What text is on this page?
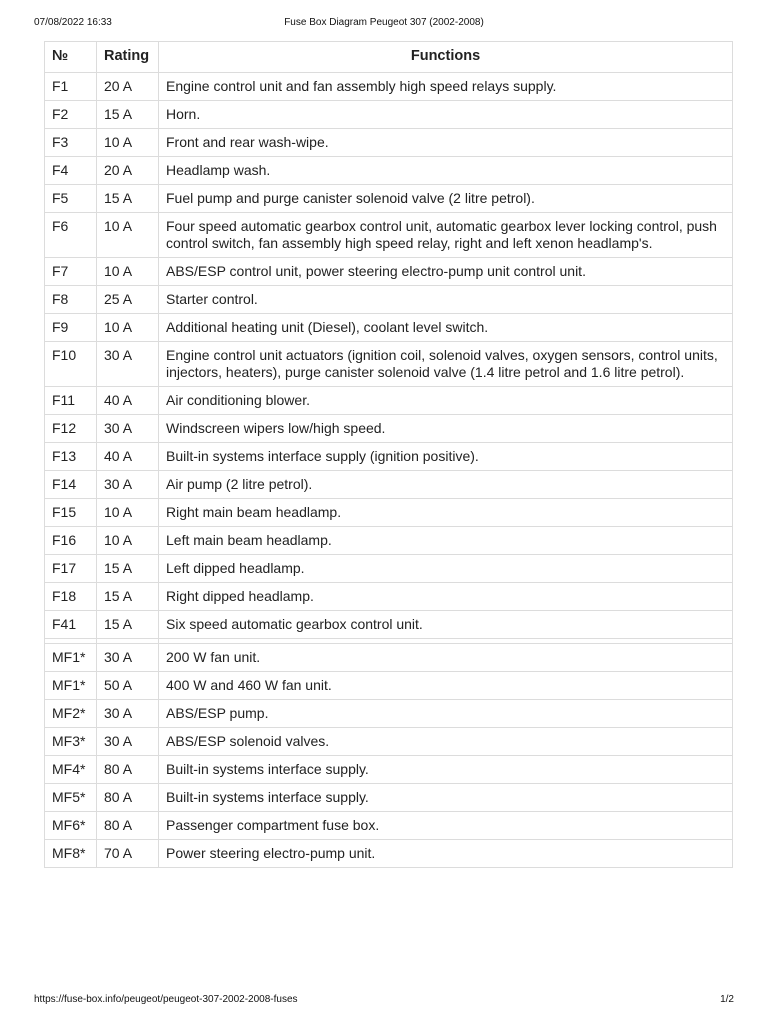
07/08/2022 16:33	Fuse Box Diagram Peugeot 307 (2002-2008)
№	Rating	Functions
F1	20 A	Engine control unit and fan assembly high speed relays supply.
F2	15 A	Horn.
F3	10 A	Front and rear wash-wipe.
F4	20 A	Headlamp wash.
F5	15 A	Fuel pump and purge canister solenoid valve (2 litre petrol).
F6	10 A	Four speed automatic gearbox control unit, automatic gearbox lever locking control, push control switch, fan assembly high speed relay, right and left xenon headlamp's.
F7	10 A	ABS/ESP control unit, power steering electro-pump unit control unit.
F8	25 A	Starter control.
F9	10 A	Additional heating unit (Diesel), coolant level switch.
F10	30 A	Engine control unit actuators (ignition coil, solenoid valves, oxygen sensors, control units, injectors, heaters), purge canister solenoid valve (1.4 litre petrol and 1.6 litre petrol).
F11	40 A	Air conditioning blower.
F12	30 A	Windscreen wipers low/high speed.
F13	40 A	Built-in systems interface supply (ignition positive).
F14	30 A	Air pump (2 litre petrol).
F15	10 A	Right main beam headlamp.
F16	10 A	Left main beam headlamp.
F17	15 A	Left dipped headlamp.
F18	15 A	Right dipped headlamp.
F41	15 A	Six speed automatic gearbox control unit.

MF1*	30 A	200 W fan unit.
MF1*	50 A	400 W and 460 W fan unit.
MF2*	30 A	ABS/ESP pump.
MF3*	30 A	ABS/ESP solenoid valves.
MF4*	80 A	Built-in systems interface supply.
MF5*	80 A	Built-in systems interface supply.
MF6*	80 A	Passenger compartment fuse box.
MF8*	70 A	Power steering electro-pump unit.
https://fuse-box.info/peugeot/peugeot-307-2002-2008-fuses	1/2
